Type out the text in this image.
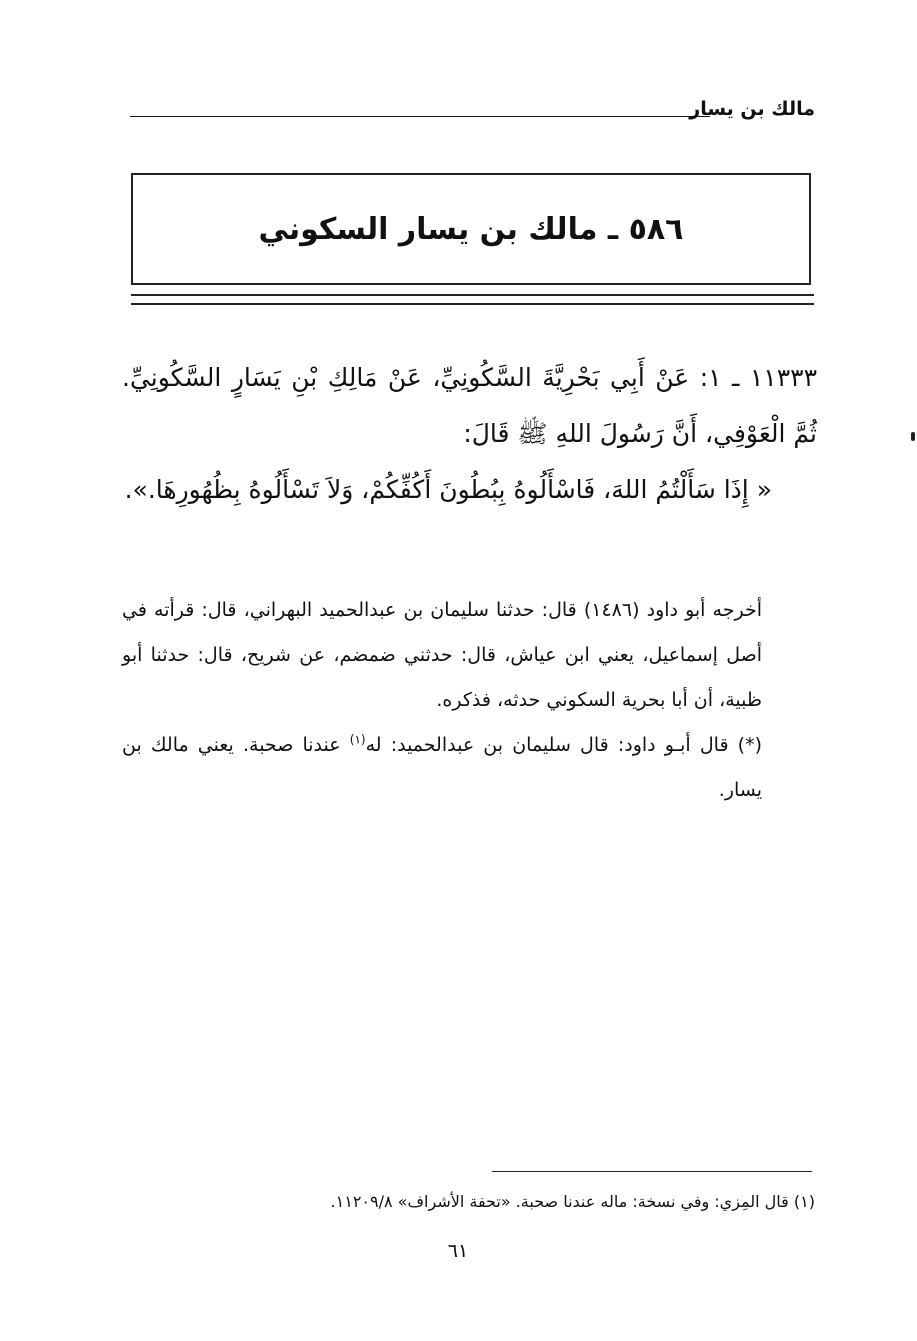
مالك بن يسار
٥٨٦ ـ مالك بن يسار السكوني

١١٣٣٣ ـ ١: عَنْ أَبِي بَحْرِيَّةَ السَّكُونِيِّ، عَنْ مَالِكِ بْنِ يَسَارٍ السَّكُونِيِّ. ثُمَّ الْعَوْفِي، أَنَّ رَسُولَ اللهِ ﷺ قَالَ:

« إِذَا سَأَلْتُمُ اللهَ، فَاسْأَلُوهُ بِبُطُونَ أَكُفِّكُمْ، وَلاَ تَسْأَلُوهُ بِظُهُورِهَا.».

أخرجه أبو داود (١٤٨٦) قال: حدثنا سليمان بن عبدالحميد البهراني، قال: قرأته في أصل إسماعيل، يعني ابن عياش، قال: حدثني ضمضم، عن شريح، قال: حدثنا أبو ظبية، أن أبا بحرية السكوني حدثه، فذكره.

(*) قال أبـو داود: قال سليمان بن عبدالحميد: له$^{(١)}$ عندنا صحبة. يعني مالك بن يسار.

(١) قال المِزي: وفي نسخة: ماله عندنا صحبة. «تحفة الأشراف» ١١٢٠٩/٨.
٦١
